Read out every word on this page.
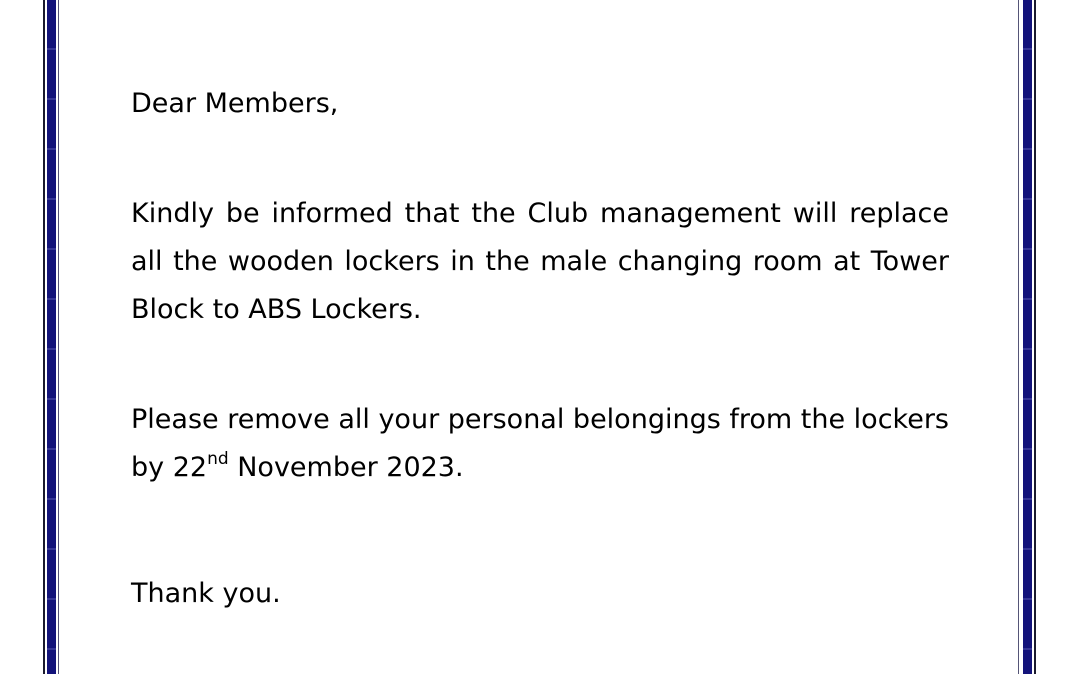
Dear Members,

Kindly be informed that the Club management will replace all the wooden lockers in the male changing room at Tower Block to ABS Lockers.

Please remove all your personal belongings from the lockers by 22nd November 2023.

Thank you.
